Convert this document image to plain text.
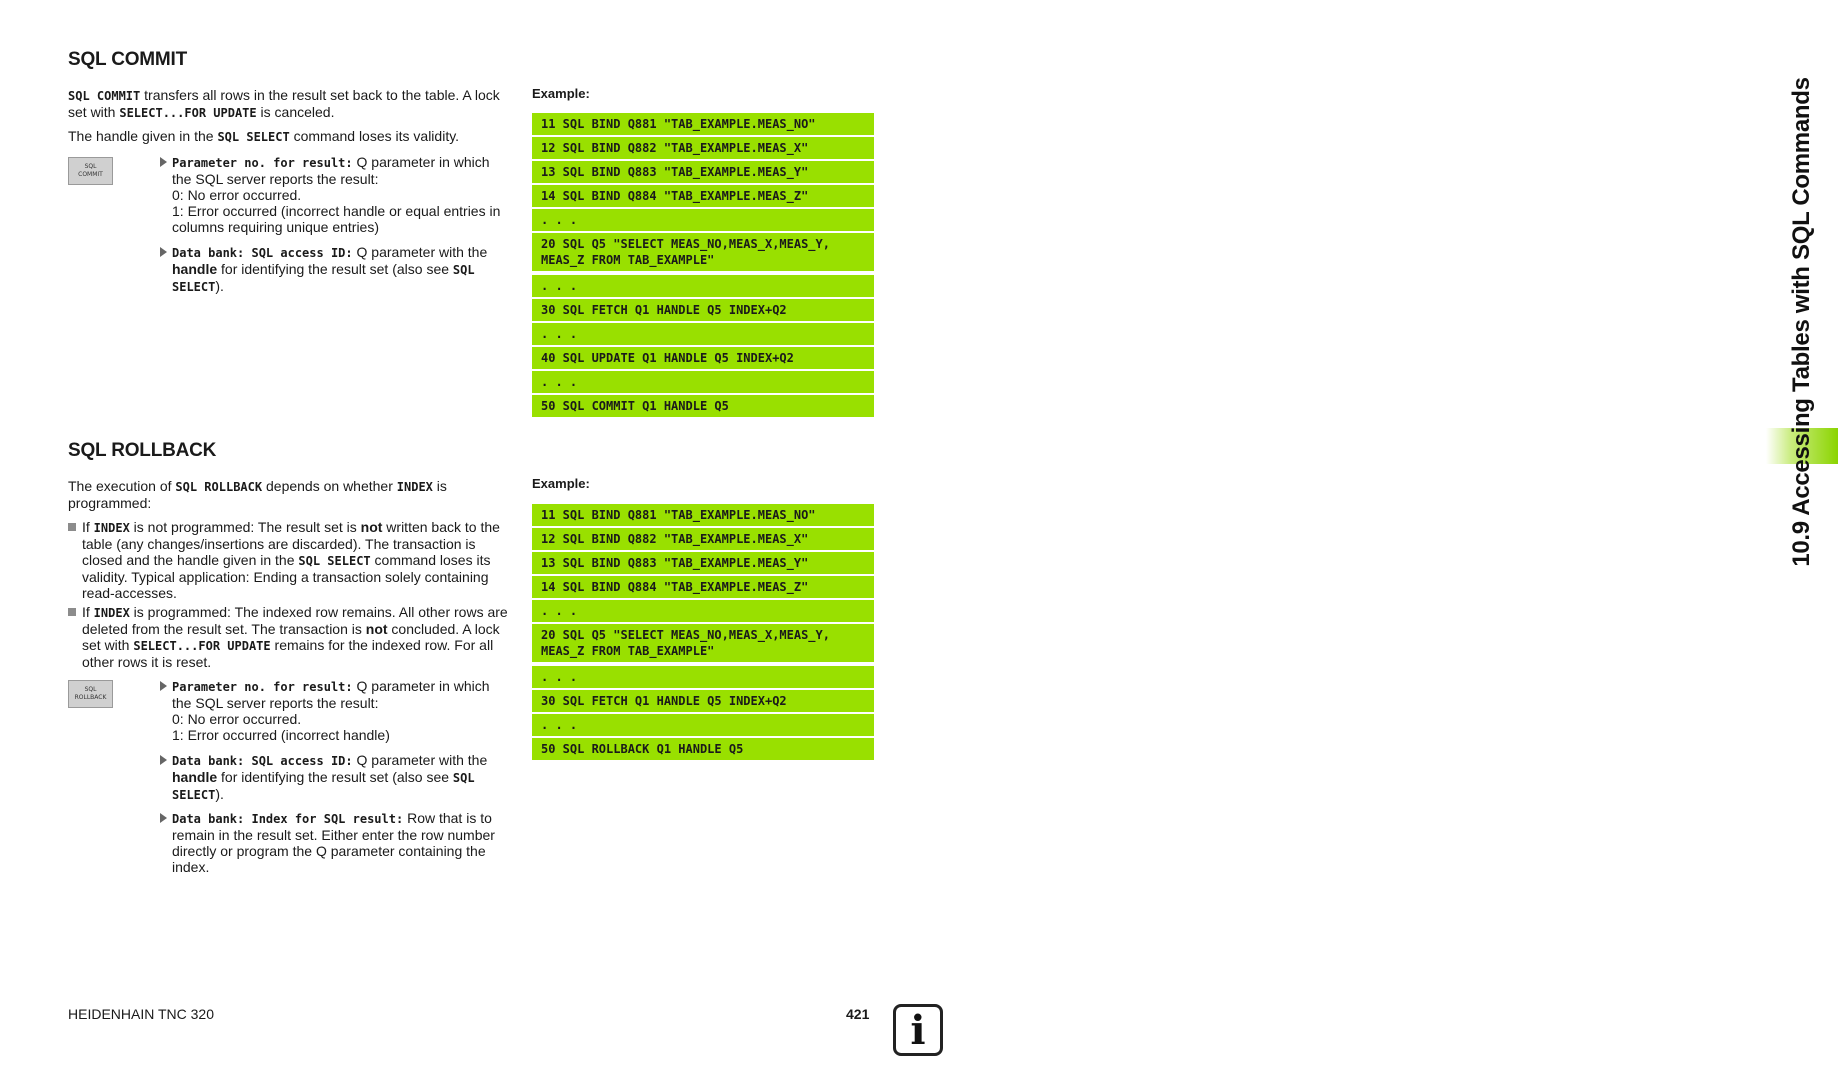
10.9 Accessing Tables with SQL Commands
SQL COMMIT
SQL COMMIT transfers all rows in the result set back to the table. A lock set with SELECT...FOR UPDATE is canceled.
The handle given in the SQL SELECT command loses its validity.
SQL
COMMIT
Parameter no. for result: Q parameter in which the SQL server reports the result:
0: No error occurred.
1: Error occurred (incorrect handle or equal entries in columns requiring unique entries)
Data bank: SQL access ID: Q parameter with the handle for identifying the result set (also see SQL SELECT).
Example:
11 SQL BIND Q881 "TAB_EXAMPLE.MEAS_NO"
12 SQL BIND Q882 "TAB_EXAMPLE.MEAS_X"
13 SQL BIND Q883 "TAB_EXAMPLE.MEAS_Y"
14 SQL BIND Q884 "TAB_EXAMPLE.MEAS_Z"
. . .
20 SQL Q5 "SELECT MEAS_NO,MEAS_X,MEAS_Y,
MEAS_Z FROM TAB_EXAMPLE"
. . .
30 SQL FETCH Q1 HANDLE Q5 INDEX+Q2
. . .
40 SQL UPDATE Q1 HANDLE Q5 INDEX+Q2
. . .
50 SQL COMMIT Q1 HANDLE Q5
SQL ROLLBACK
The execution of SQL ROLLBACK depends on whether INDEX is programmed:
If INDEX is not programmed: The result set is not written back to the table (any changes/insertions are discarded). The transaction is closed and the handle given in the SQL SELECT command loses its validity. Typical application: Ending a transaction solely containing read-accesses.
If INDEX is programmed: The indexed row remains. All other rows are deleted from the result set. The transaction is not concluded. A lock set with SELECT...FOR UPDATE remains for the indexed row. For all other rows it is reset.
SQL
ROLLBACK
Parameter no. for result: Q parameter in which the SQL server reports the result:
0: No error occurred.
1: Error occurred (incorrect handle)
Data bank: SQL access ID: Q parameter with the handle for identifying the result set (also see SQL SELECT).
Data bank: Index for SQL result: Row that is to remain in the result set. Either enter the row number directly or program the Q parameter containing the index.
Example:
11 SQL BIND Q881 "TAB_EXAMPLE.MEAS_NO"
12 SQL BIND Q882 "TAB_EXAMPLE.MEAS_X"
13 SQL BIND Q883 "TAB_EXAMPLE.MEAS_Y"
14 SQL BIND Q884 "TAB_EXAMPLE.MEAS_Z"
. . .
20 SQL Q5 "SELECT MEAS_NO,MEAS_X,MEAS_Y,
MEAS_Z FROM TAB_EXAMPLE"
. . .
30 SQL FETCH Q1 HANDLE Q5 INDEX+Q2
. . .
50 SQL ROLLBACK Q1 HANDLE Q5
HEIDENHAIN TNC 320	421	i
